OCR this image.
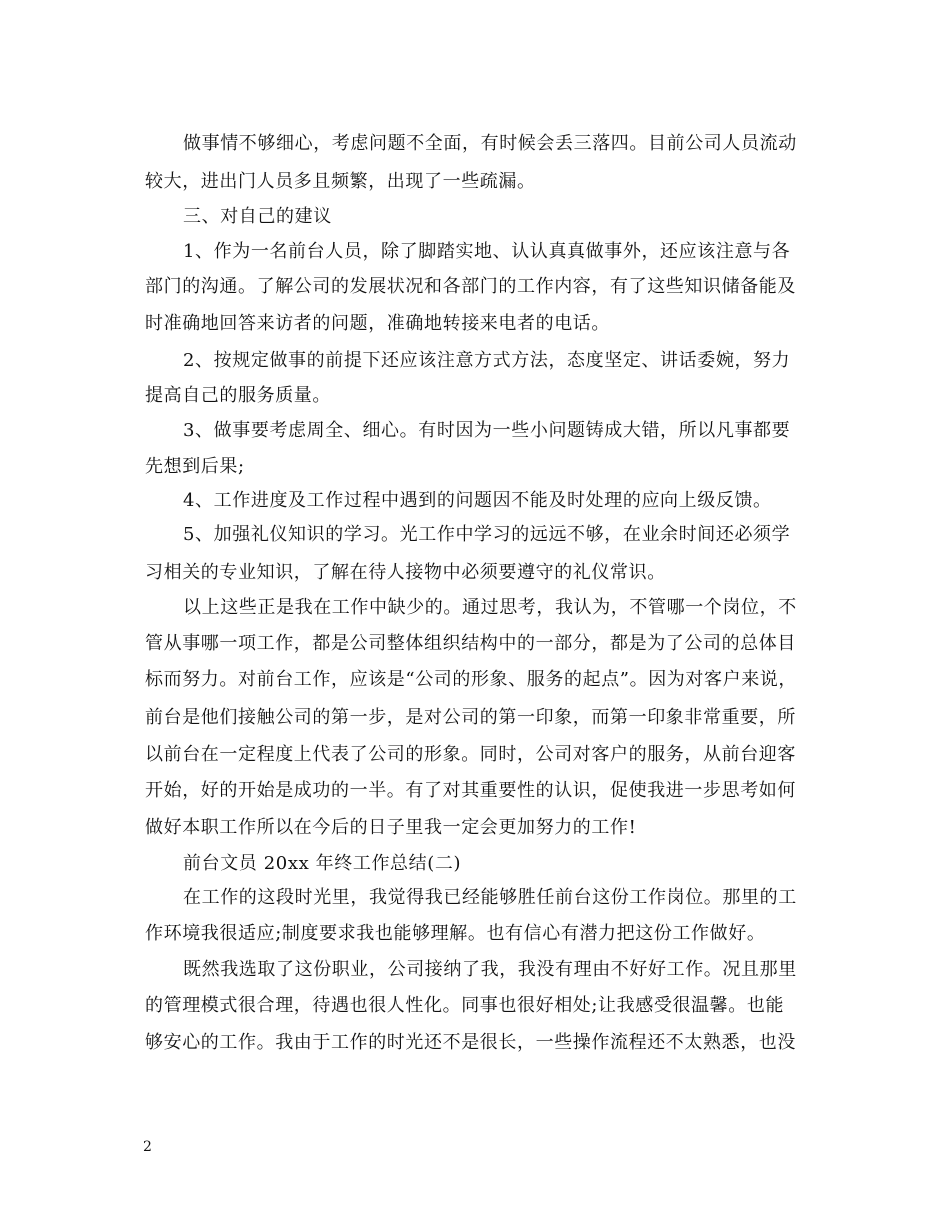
做事情不够细心，考虑问题不全面，有时候会丢三落四。目前公司人员流动
较大，进出门人员多且频繁，出现了一些疏漏。
三、对自己的建议
1、作为一名前台人员，除了脚踏实地、认认真真做事外，还应该注意与各
部门的沟通。了解公司的发展状况和各部门的工作内容，有了这些知识储备能及
时准确地回答来访者的问题，准确地转接来电者的电话。
2、按规定做事的前提下还应该注意方式方法，态度坚定、讲话委婉，努力
提高自己的服务质量。
3、做事要考虑周全、细心。有时因为一些小问题铸成大错，所以凡事都要
先想到后果;
4、工作进度及工作过程中遇到的问题因不能及时处理的应向上级反馈。
5、加强礼仪知识的学习。光工作中学习的远远不够，在业余时间还必须学
习相关的专业知识，了解在待人接物中必须要遵守的礼仪常识。
以上这些正是我在工作中缺少的。通过思考，我认为，不管哪一个岗位，不
管从事哪一项工作，都是公司整体组织结构中的一部分，都是为了公司的总体目
标而努力。对前台工作，应该是“公司的形象、服务的起点”。因为对客户来说，
前台是他们接触公司的第一步，是对公司的第一印象，而第一印象非常重要，所
以前台在一定程度上代表了公司的形象。同时，公司对客户的服务，从前台迎客
开始，好的开始是成功的一半。有了对其重要性的认识，促使我进一步思考如何
做好本职工作所以在今后的日子里我一定会更加努力的工作!
前台文员 20xx 年终工作总结(二)
在工作的这段时光里，我觉得我已经能够胜任前台这份工作岗位。那里的工
作环境我很适应;制度要求我也能够理解。也有信心有潜力把这份工作做好。
既然我选取了这份职业，公司接纳了我，我没有理由不好好工作。况且那里
的管理模式很合理，待遇也很人性化。同事也很好相处;让我感受很温馨。也能
够安心的工作。我由于工作的时光还不是很长，一些操作流程还不太熟悉，也没
2
